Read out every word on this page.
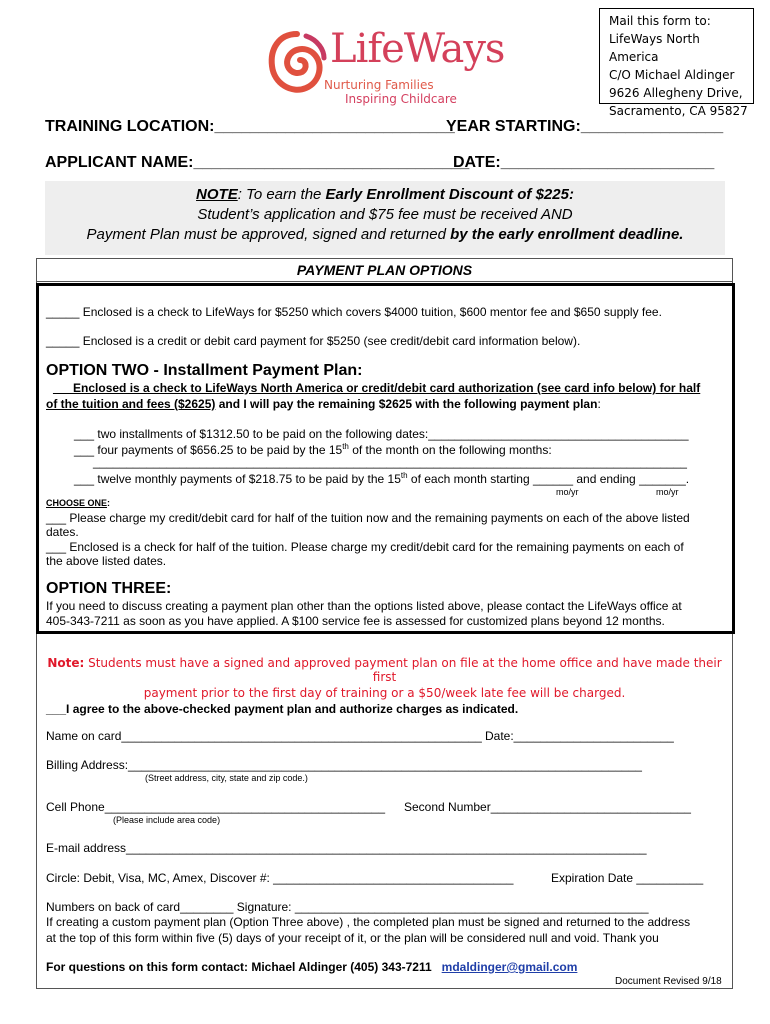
Mail this form to:
LifeWays North America
C/O Michael Aldinger
9626 Allegheny Drive,
Sacramento, CA 95827
LifeWays
Nurturing Families
Inspiring Childcare
TRAINING LOCATION:___________________________
YEAR STARTING:________________
APPLICANT NAME:_______________________________
DATE:________________________
NOTE: To earn the Early Enrollment Discount of $225:
Student’s application and $75 fee must be received AND
Payment Plan must be approved, signed and returned by the early enrollment deadline.
PAYMENT PLAN OPTIONS
_____ Enclosed is a check to LifeWays for $5250 which covers $4000 tuition, $600 mentor fee and $650 supply fee.
_____ Enclosed is a credit or debit card payment for $5250 (see credit/debit card information below).
OPTION TWO - Installment Payment Plan:
___Enclosed is a check to LifeWays North America or credit/debit card authorization (see card info below) for half
of the tuition and fees ($2625) and I will pay the remaining $2625 with the following payment plan:
___ two installments of $1312.50 to be paid on the following dates:_______________________________________
___ four payments of $656.25 to be paid by the 15th of the month on the following months:
_________________________________________________________________________________________
___ twelve monthly payments of $218.75 to be paid by the 15th of each month starting ______ and ending _______.
mo/yr	mo/yr
CHOOSE ONE:
___ Please charge my credit/debit card for half of the tuition now and the remaining payments on each of the above listed
dates.
___ Enclosed is a check for half of the tuition. Please charge my credit/debit card for the remaining payments on each of
the above listed dates.
OPTION THREE:
If you need to discuss creating a payment plan other than the options listed above, please contact the LifeWays office at
405-343-7211 as soon as you have applied. A $100 service fee is assessed for customized plans beyond 12 months.
Note: Students must have a signed and approved payment plan on file at the home office and have made their first
payment prior to the first day of training or a $50/week late fee will be charged.
___I agree to the above-checked payment plan and authorize charges as indicated.
Name on card______________________________________________________ Date:________________________
Billing Address:_____________________________________________________________________________
(Street address, city, state and zip code.)
Cell Phone__________________________________________ Second Number______________________________
(Please include area code)
E-mail address______________________________________________________________________________
Circle: Debit, Visa, MC, Amex, Discover #: ____________________________________	Expiration Date __________
Numbers on back of card________ Signature: _____________________________________________________
If creating a custom payment plan (Option Three above) , the completed plan must be signed and returned to the address
at the top of this form within five (5) days of your receipt of it, or the plan will be considered null and void. Thank you
For questions on this form contact: Michael Aldinger (405) 343-7211 mdaldinger@gmail.com
Document Revised 9/18
